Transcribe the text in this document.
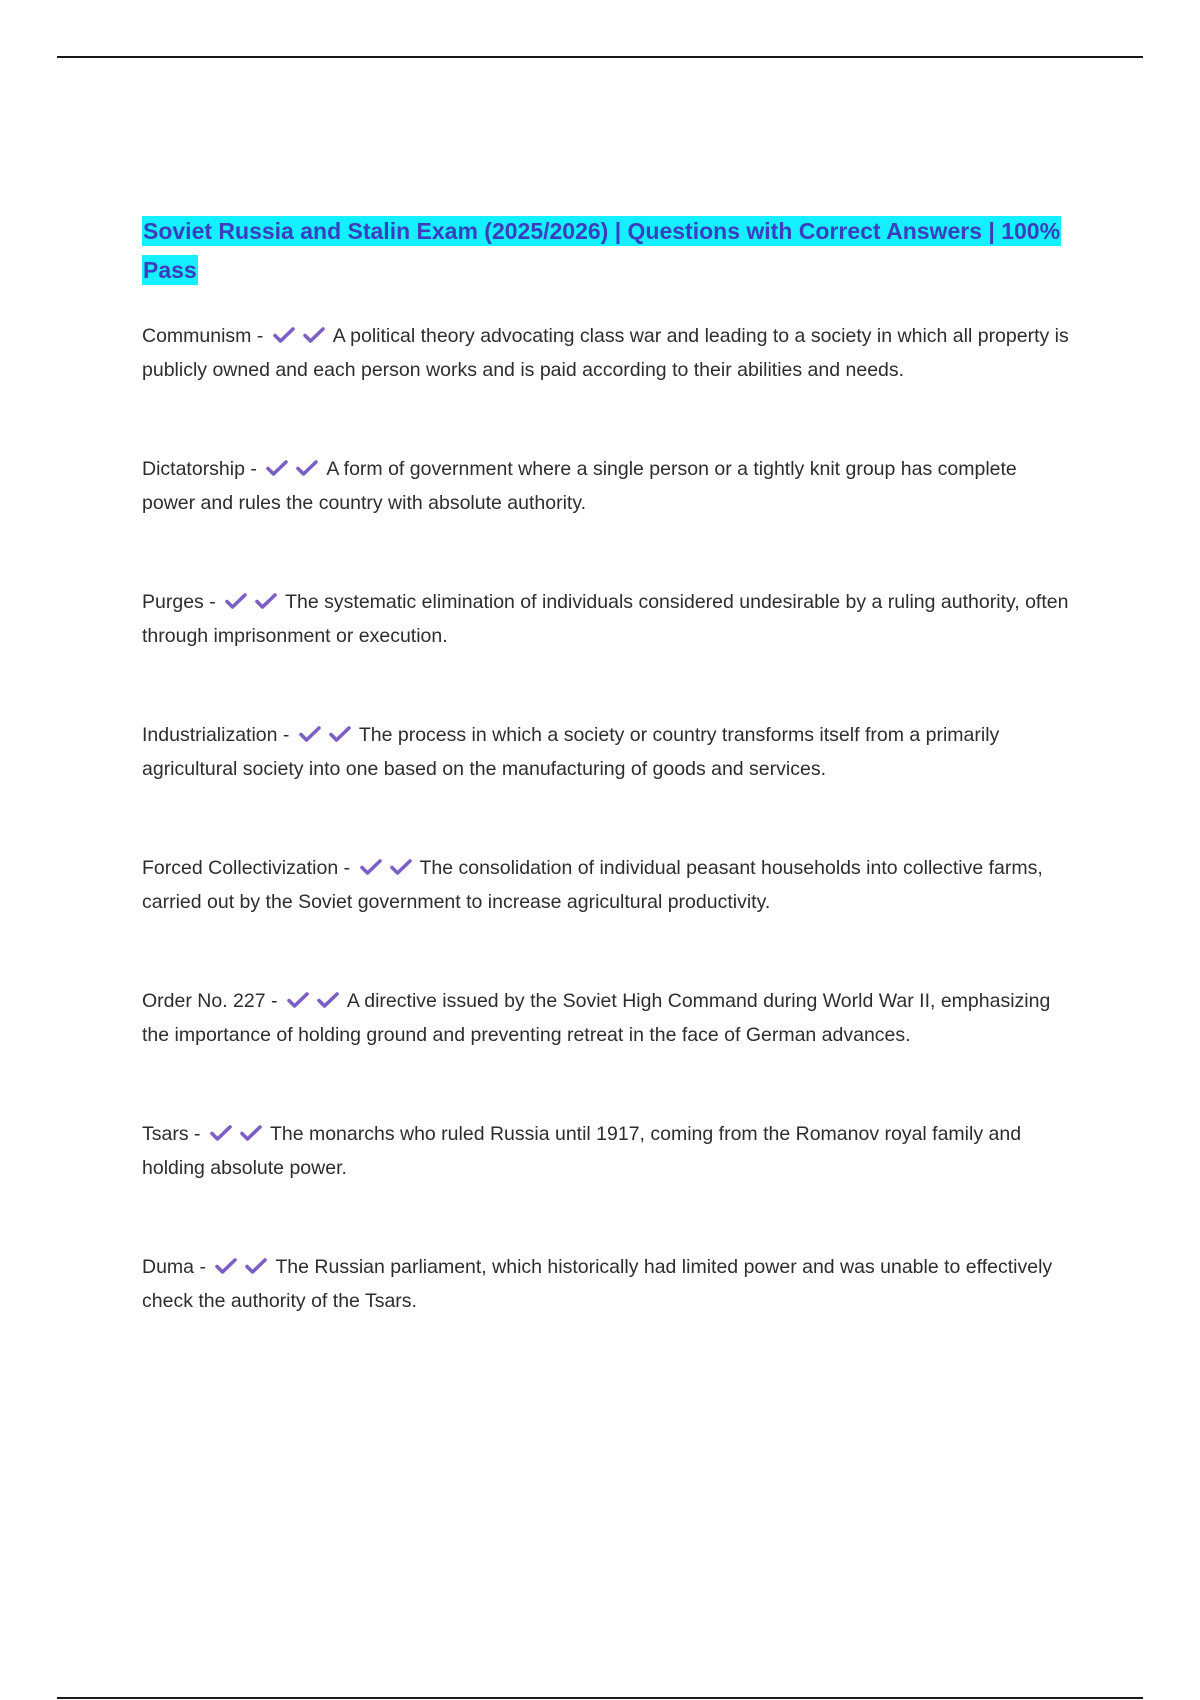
Soviet Russia and Stalin Exam (2025/2026) | Questions with Correct Answers | 100% Pass
Communism -	A political theory advocating class war and leading to a society in which all property is publicly owned and each person works and is paid according to their abilities and needs.
Dictatorship -	A form of government where a single person or a tightly knit group has complete power and rules the country with absolute authority.
Purges -	The systematic elimination of individuals considered undesirable by a ruling authority, often through imprisonment or execution.
Industrialization -	The process in which a society or country transforms itself from a primarily agricultural society into one based on the manufacturing of goods and services.
Forced Collectivization -	The consolidation of individual peasant households into collective farms, carried out by the Soviet government to increase agricultural productivity.
Order No. 227 -	A directive issued by the Soviet High Command during World War II, emphasizing the importance of holding ground and preventing retreat in the face of German advances.
Tsars -	The monarchs who ruled Russia until 1917, coming from the Romanov royal family and holding absolute power.
Duma -	The Russian parliament, which historically had limited power and was unable to effectively check the authority of the Tsars.
